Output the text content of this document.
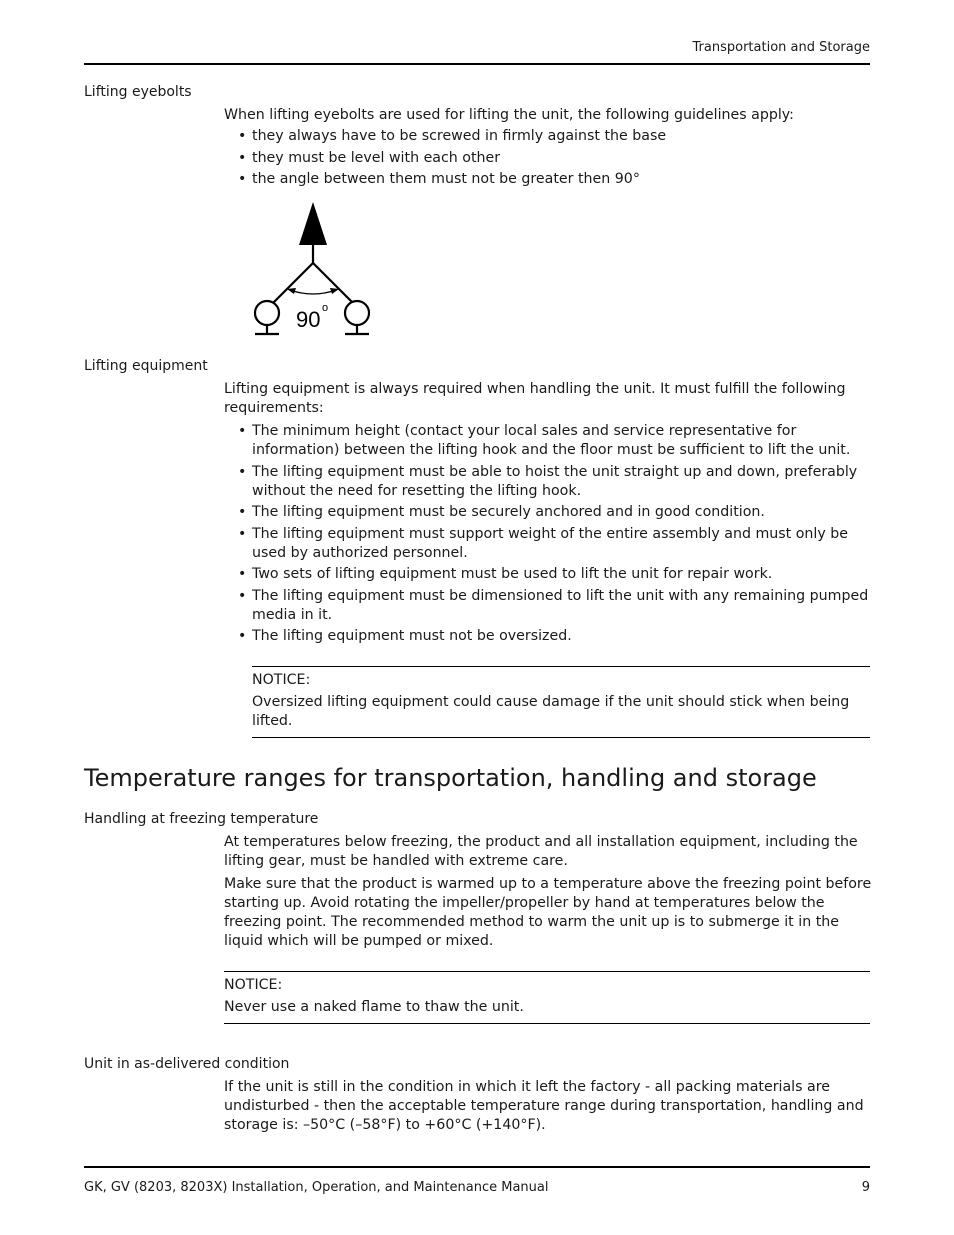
Transportation and Storage
Lifting eyebolts
When lifting eyebolts are used for lifting the unit, the following guidelines apply:
• they always have to be screwed in firmly against the base
• they must be level with each other
• the angle between them must not be greater then 90°
90 o
Lifting equipment
Lifting equipment is always required when handling the unit. It must fulfill the following requirements:
• The minimum height (contact your local sales and service representative for information) between the lifting hook and the floor must be sufficient to lift the unit.
• The lifting equipment must be able to hoist the unit straight up and down, preferably without the need for resetting the lifting hook.
• The lifting equipment must be securely anchored and in good condition.
• The lifting equipment must support weight of the entire assembly and must only be used by authorized personnel.
• Two sets of lifting equipment must be used to lift the unit for repair work.
• The lifting equipment must be dimensioned to lift the unit with any remaining pumped media in it.
• The lifting equipment must not be oversized.
NOTICE:
Oversized lifting equipment could cause damage if the unit should stick when being lifted.
Temperature ranges for transportation, handling and storage
Handling at freezing temperature
At temperatures below freezing, the product and all installation equipment, including the lifting gear, must be handled with extreme care.
Make sure that the product is warmed up to a temperature above the freezing point before starting up. Avoid rotating the impeller/propeller by hand at temperatures below the freezing point. The recommended method to warm the unit up is to submerge it in the liquid which will be pumped or mixed.
NOTICE:
Never use a naked flame to thaw the unit.
Unit in as-delivered condition
If the unit is still in the condition in which it left the factory - all packing materials are undisturbed - then the acceptable temperature range during transportation, handling and storage is: –50°C (–58°F) to +60°C (+140°F).
GK, GV (8203, 8203X) Installation, Operation, and Maintenance Manual	9
